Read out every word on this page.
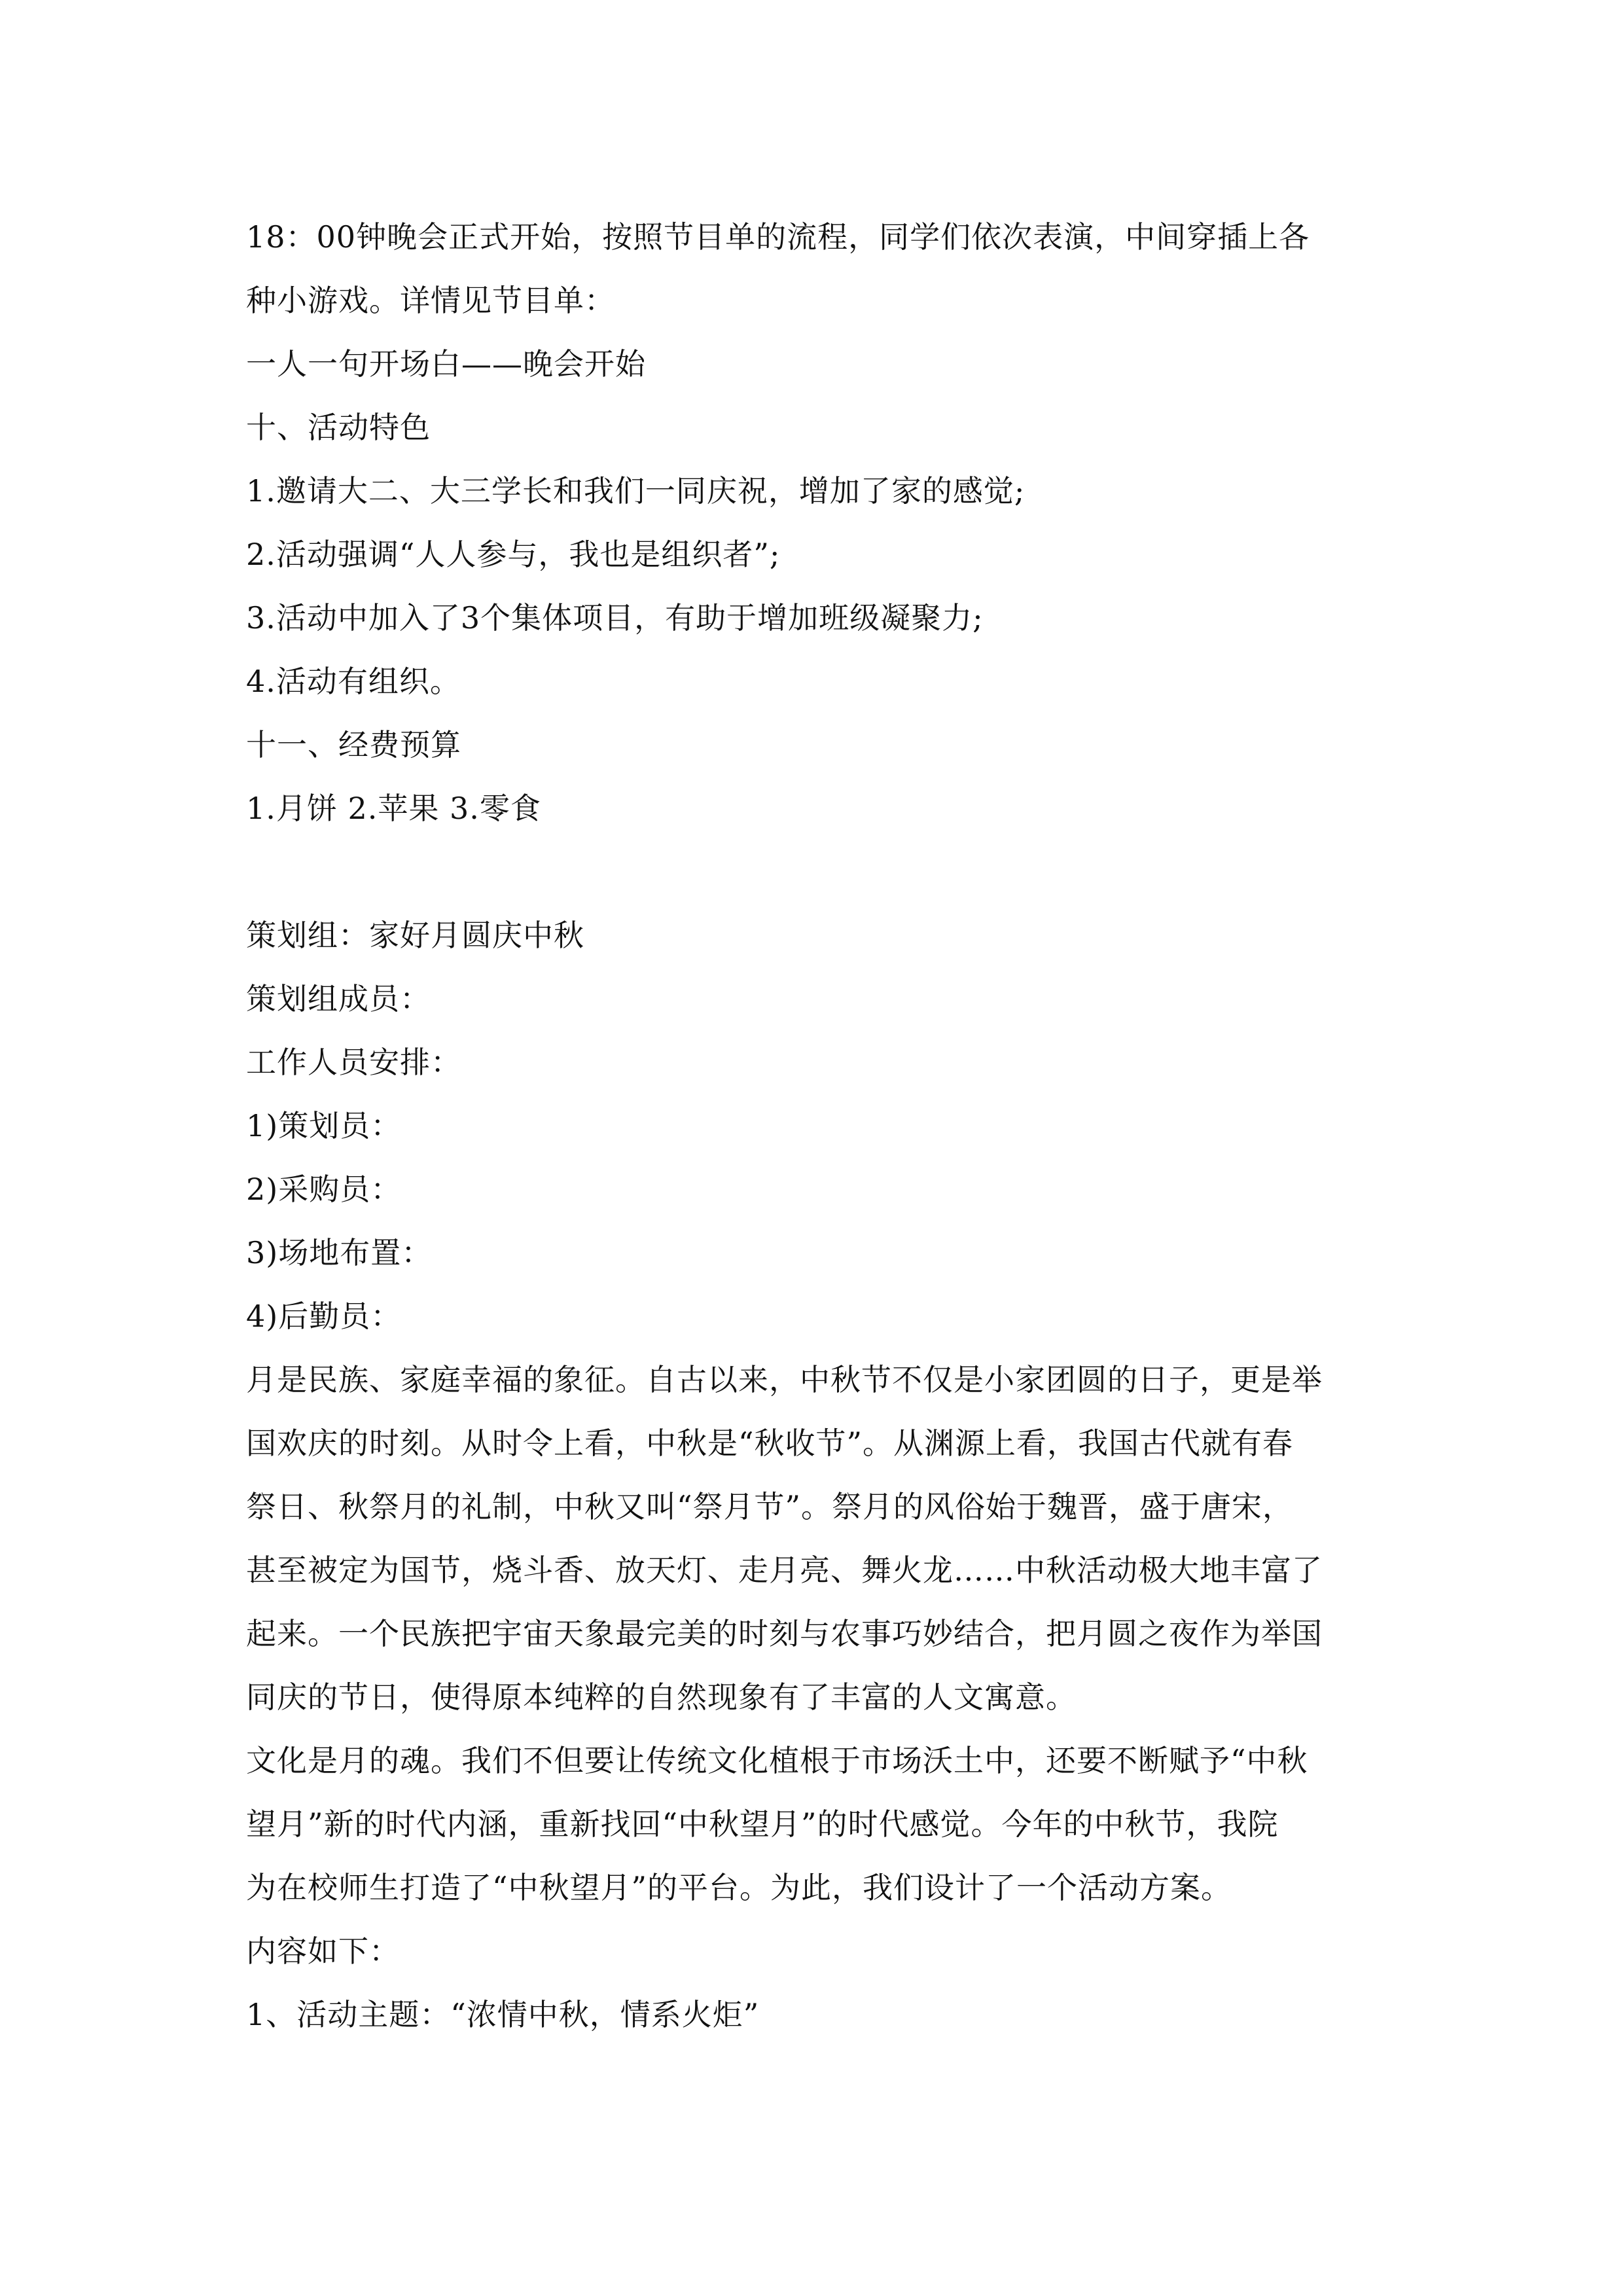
18：00钟晚会正式开始，按照节目单的流程，同学们依次表演，中间穿插上各
种小游戏。详情见节目单：
一人一句开场白——晚会开始
十、活动特色
1.邀请大二、大三学长和我们一同庆祝，增加了家的感觉;
2.活动强调“人人参与，我也是组织者”;
3.活动中加入了3个集体项目，有助于增加班级凝聚力;
4.活动有组织。
十一、经费预算
1.月饼 2.苹果 3.零食
策划组：家好月圆庆中秋
策划组成员：
工作人员安排：
1)策划员：
2)采购员：
3)场地布置：
4)后勤员：
月是民族、家庭幸福的象征。自古以来，中秋节不仅是小家团圆的日子，更是举
国欢庆的时刻。从时令上看，中秋是“秋收节”。从渊源上看，我国古代就有春
祭日、秋祭月的礼制，中秋又叫“祭月节”。祭月的风俗始于魏晋，盛于唐宋，
甚至被定为国节，烧斗香、放天灯、走月亮、舞火龙……中秋活动极大地丰富了
起来。一个民族把宇宙天象最完美的时刻与农事巧妙结合，把月圆之夜作为举国
同庆的节日，使得原本纯粹的自然现象有了丰富的人文寓意。
文化是月的魂。我们不但要让传统文化植根于市场沃土中，还要不断赋予“中秋
望月”新的时代内涵，重新找回“中秋望月”的时代感觉。今年的中秋节，我院
为在校师生打造了“中秋望月”的平台。为此，我们设计了一个活动方案。
内容如下：
1、活动主题：“浓情中秋，情系火炬”
